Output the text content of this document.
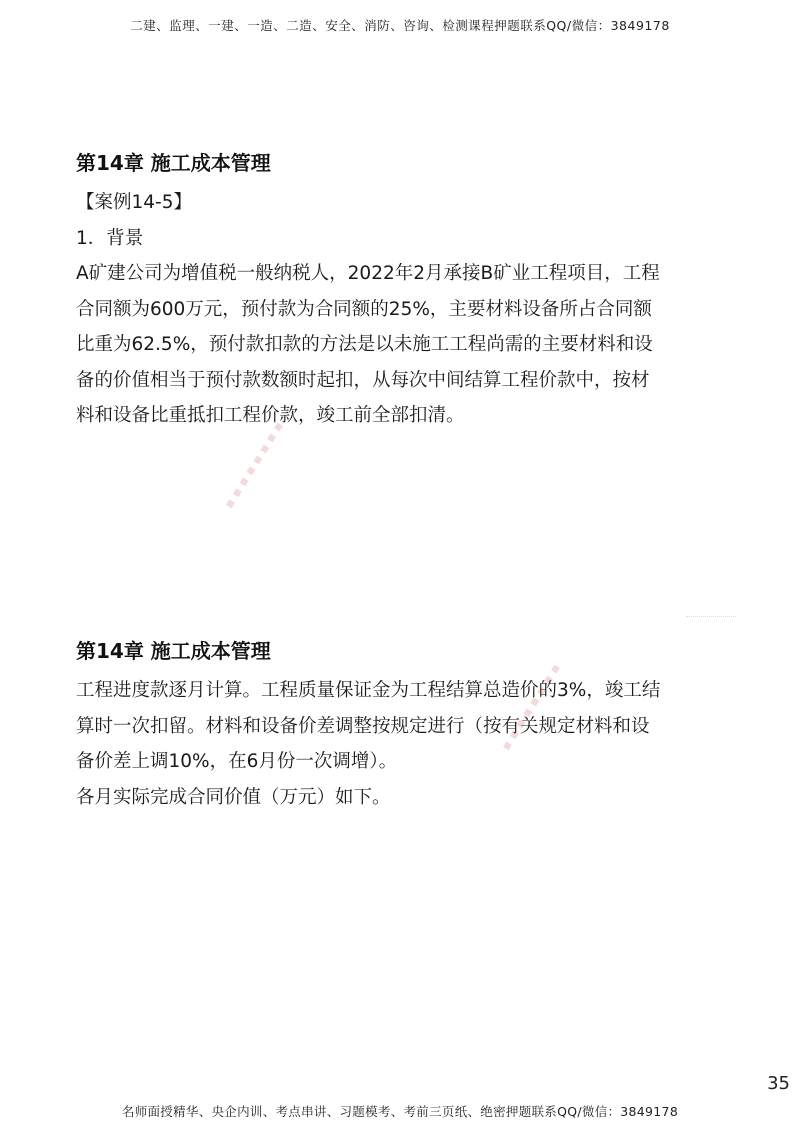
二建、监理、一建、一造、二造、安全、消防、咨询、检测课程押题联系QQ/微信：3849178
第14章 施工成本管理

【案例14-5】

1．背景

A矿建公司为增值税一般纳税人，2022年2月承接B矿业工程项目，工程

合同额为600万元，预付款为合同额的25%，主要材料设备所占合同额

比重为62.5%，预付款扣款的方法是以未施工工程尚需的主要材料和设

备的价值相当于预付款数额时起扣，从每次中间结算工程价款中，按材

料和设备比重抵扣工程价款，竣工前全部扣清。

第14章 施工成本管理

工程进度款逐月计算。工程质量保证金为工程结算总造价的3%，竣工结

算时一次扣留。材料和设备价差调整按规定进行（按有关规定材料和设

备价差上调10%，在6月份一次调增）。

各月实际完成合同价值（万元）如下。

▪ ▪ ▪ ▪ ▪ ▪ ▪ ▪
▪ ▪ ▪ ▪ ▪ ▪ ▪ ▪
35
名师面授精华、央企内训、考点串讲、习题模考、考前三页纸、绝密押题联系QQ/微信：3849178
